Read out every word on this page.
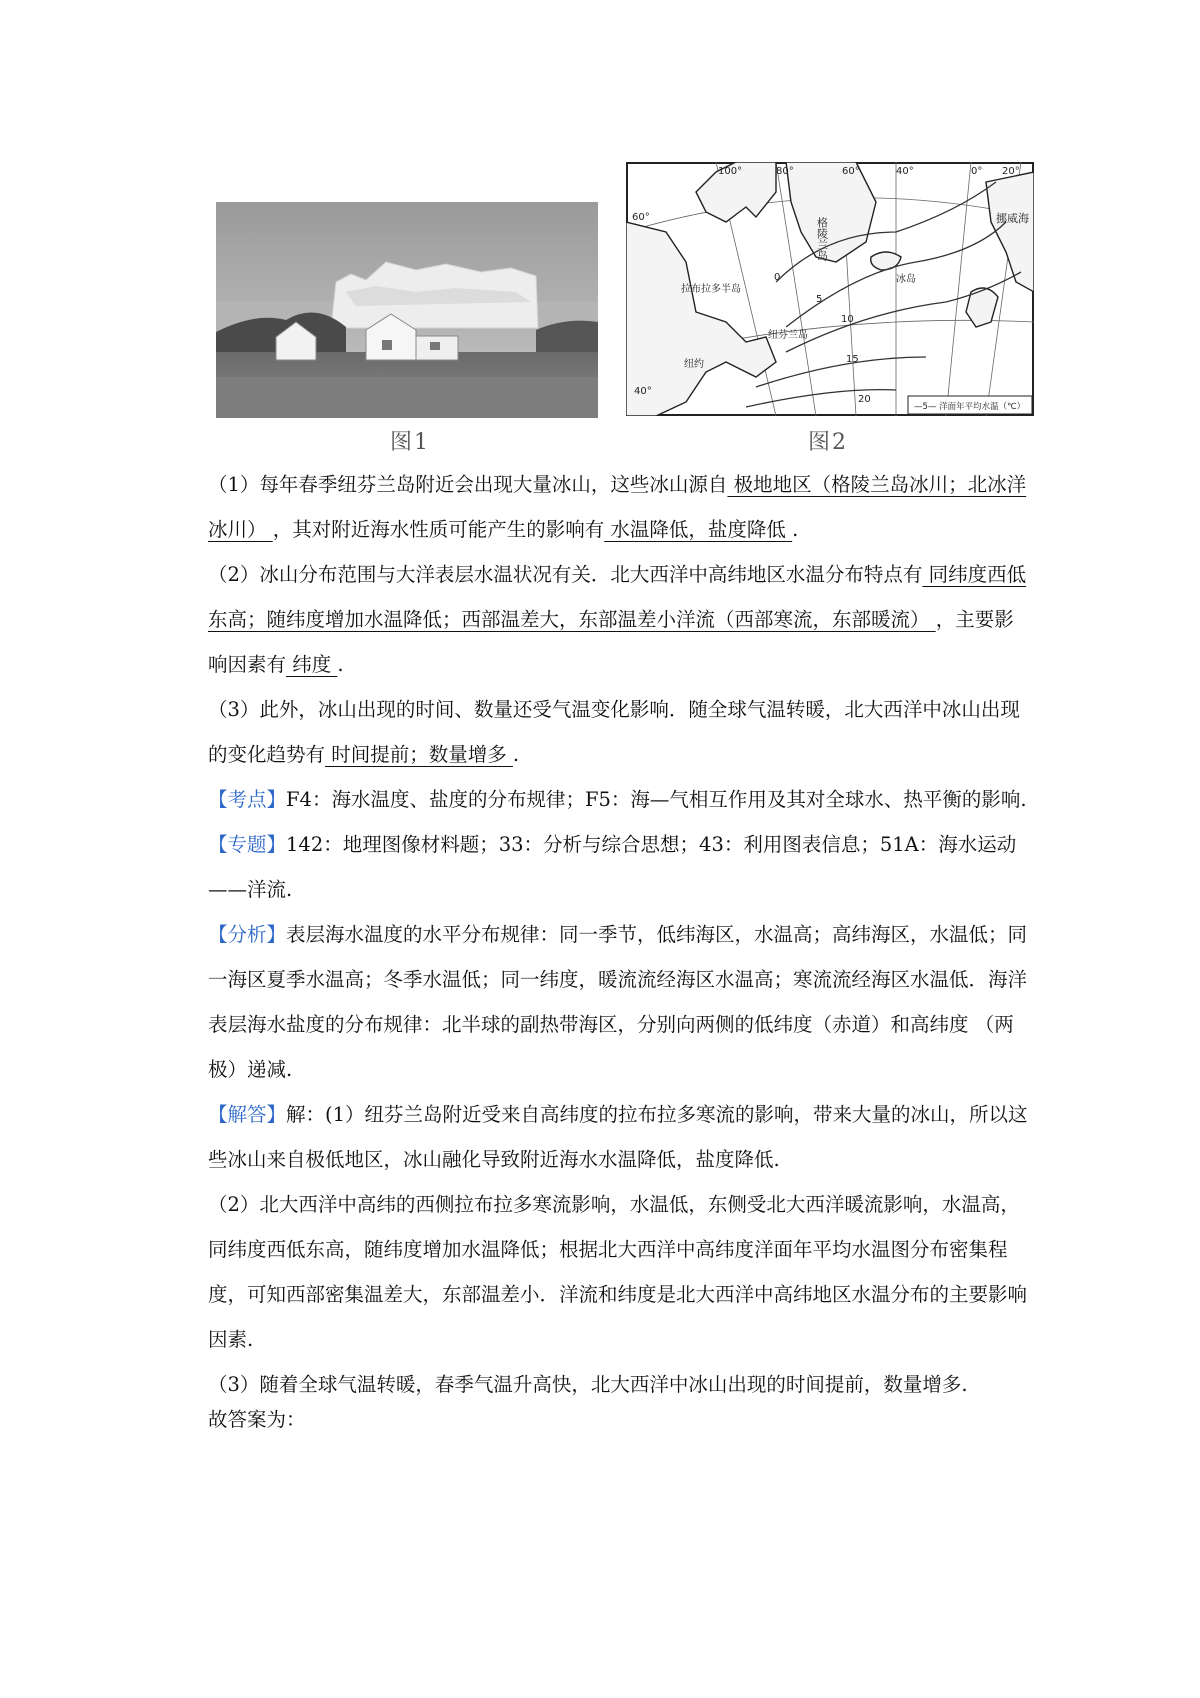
图1
60°
40°
100°	80°	60°	40°	0° 20°
格陵兰岛	挪威海
冰岛
拉布拉多半岛
纽芬兰岛
纽约
0
5
10
15
20
—5— 洋面年平均水温（℃）
图2

（1）每年春季纽芬兰岛附近会出现大量冰山，这些冰山源自 极地地区（格陵兰岛冰川；北冰洋冰川） ，其对附近海水性质可能产生的影响有 水温降低，盐度降低 .

（2）冰山分布范围与大洋表层水温状况有关．北大西洋中高纬地区水温分布特点有 同纬度西低东高；随纬度增加水温降低；西部温差大，东部温差小洋流（西部寒流，东部暖流） ，主要影响因素有 纬度 .

（3）此外，冰山出现的时间、数量还受气温变化影响．随全球气温转暖，北大西洋中冰山出现的变化趋势有 时间提前；数量增多 .

【考点】F4：海水温度、盐度的分布规律；F5：海—气相互作用及其对全球水、热平衡的影响.

【专题】142：地理图像材料题；33：分析与综合思想；43：利用图表信息；51A：海水运动——洋流.

【分析】表层海水温度的水平分布规律：同一季节，低纬海区，水温高；高纬海区，水温低；同一海区夏季水温高；冬季水温低；同一纬度，暖流流经海区水温高；寒流流经海区水温低．海洋表层海水盐度的分布规律：北半球的副热带海区，分别向两侧的低纬度（赤道）和高纬度 （两极）递减.

【解答】解：(1）纽芬兰岛附近受来自高纬度的拉布拉多寒流的影响，带来大量的冰山，所以这些冰山来自极低地区，冰山融化导致附近海水水温降低，盐度降低.

（2）北大西洋中高纬的西侧拉布拉多寒流影响，水温低，东侧受北大西洋暖流影响，水温高，同纬度西低东高，随纬度增加水温降低；根据北大西洋中高纬度洋面年平均水温图分布密集程度，可知西部密集温差大，东部温差小．洋流和纬度是北大西洋中高纬地区水温分布的主要影响因素.

（3）随着全球气温转暖，春季气温升高快，北大西洋中冰山出现的时间提前，数量增多.

故答案为：
